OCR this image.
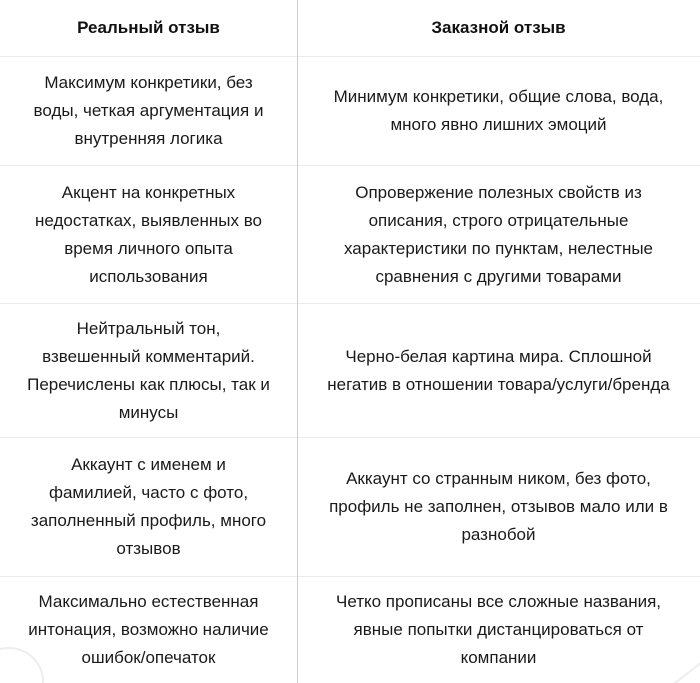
Реальный отзыв	Заказной отзыв
Максимум конкретики, без воды, четкая аргументация и внутренняя логика
Минимум конкретики, общие слова, вода, много явно лишних эмоций
Акцент на конкретных недостатках, выявленных во время личного опыта использования
Опровержение полезных свойств из описания, строго отрицательные характеристики по пунктам, нелестные сравнения с другими товарами
Нейтральный тон, взвешенный комментарий. Перечислены как плюсы, так и минусы
Черно-белая картина мира. Сплошной негатив в отношении товара/услуги/бренда
Аккаунт с именем и фамилией, часто с фото, заполненный профиль, много отзывов
Аккаунт со странным ником, без фото, профиль не заполнен, отзывов мало или в разнобой
Максимально естественная интонация, возможно наличие ошибок/опечаток
Четко прописаны все сложные названия, явные попытки дистанцироваться от компании
